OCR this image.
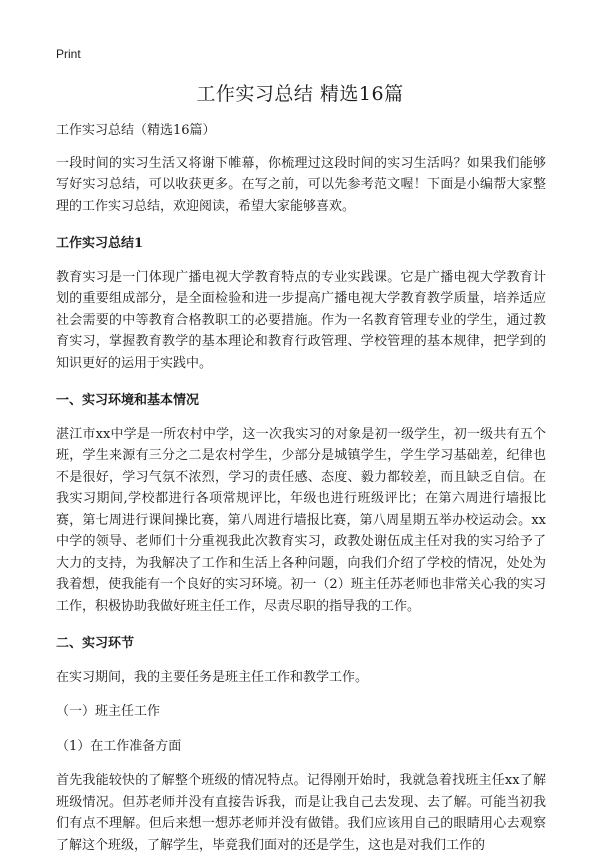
Print
工作实习总结 精选16篇

工作实习总结（精选16篇）

一段时间的实习生活又将谢下帷幕，你梳理过这段时间的实习生活吗？如果我们能够写好实习总结，可以收获更多。在写之前，可以先参考范文喔！下面是小编帮大家整理的工作实习总结，欢迎阅读，希望大家能够喜欢。

工作实习总结1

教育实习是一门体现广播电视大学教育特点的专业实践课。它是广播电视大学教育计划的重要组成部分，是全面检验和进一步提高广播电视大学教育教学质量，培养适应社会需要的中等教育合格教职工的必要措施。作为一名教育管理专业的学生，通过教育实习，掌握教育教学的基本理论和教育行政管理、学校管理的基本规律，把学到的知识更好的运用于实践中。

一、实习环境和基本情况

湛江市xx中学是一所农村中学，这一次我实习的对象是初一级学生，初一级共有五个班，学生来源有三分之二是农村学生，少部分是城镇学生，学生学习基础差，纪律也不是很好，学习气氛不浓烈，学习的责任感、态度、毅力都较差，而且缺乏自信。在我实习期间,学校都进行各项常规评比，年级也进行班级评比；在第六周进行墙报比赛，第七周进行课间操比赛，第八周进行墙报比赛，第八周星期五举办校运动会。xx中学的领导、老师们十分重视我此次教育实习，政教处谢伍成主任对我的实习给予了大力的支持，为我解决了工作和生活上各种问题，向我们介绍了学校的情况，处处为我着想，使我能有一个良好的实习环境。初一（2）班主任苏老师也非常关心我的实习工作，积极协助我做好班主任工作，尽责尽职的指导我的工作。

二、实习环节

在实习期间，我的主要任务是班主任工作和教学工作。

（一）班主任工作

（1）在工作准备方面

首先我能较快的了解整个班级的情况特点。记得刚开始时，我就急着找班主任xx了解班级情况。但苏老师并没有直接告诉我，而是让我自己去发现、去了解。可能当初我们有点不理解。但后来想一想苏老师并没有做错。我们应该用自己的眼睛用心去观察了解这个班级，了解学生，毕竟我们面对的还是学生，这也是对我们工作的
